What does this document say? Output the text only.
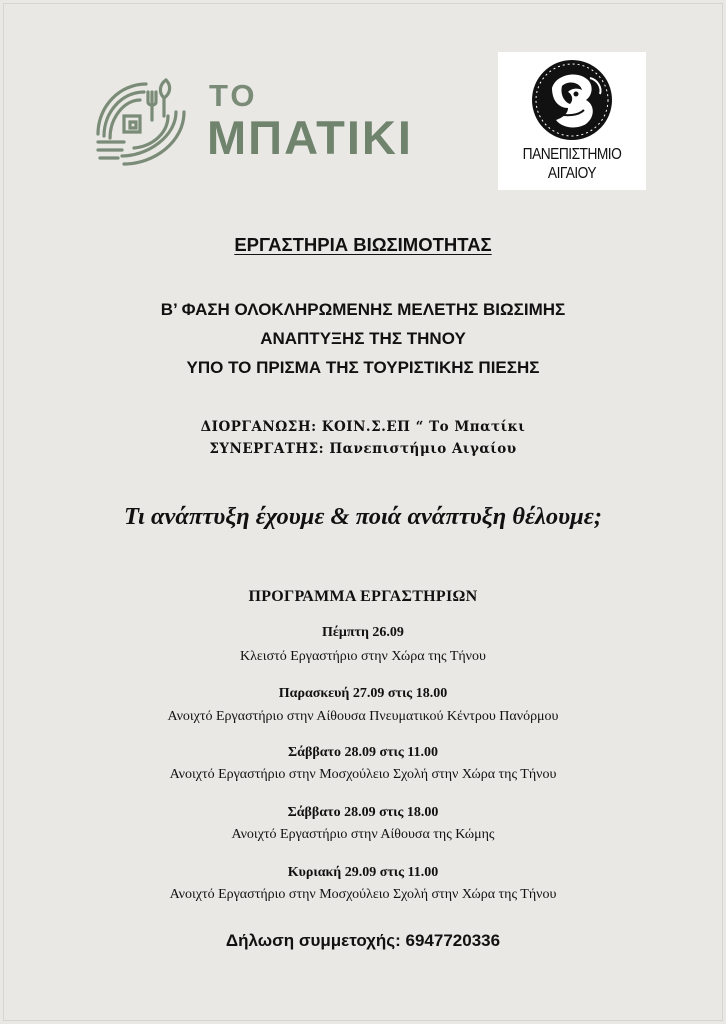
ΤΟ
ΜΠΑΤΙΚΙ	ΠΑΝΕΠΙΣΤΗΜΙΟ
ΑΙΓΑΙΟΥ
ΕΡΓΑΣΤΗΡΙΑ ΒΙΩΣΙΜΟΤΗΤΑΣ
Β’ ΦΑΣΗ ΟΛΟΚΛΗΡΩΜΕΝΗΣ ΜΕΛΕΤΗΣ ΒΙΩΣΙΜΗΣ
ΑΝΑΠΤΥΞΗΣ ΤΗΣ ΤΗΝΟΥ
ΥΠΟ ΤΟ ΠΡΙΣΜΑ ΤΗΣ ΤΟΥΡΙΣΤΙΚΗΣ ΠΙΕΣΗΣ
ΔΙΟΡΓΑΝΩΣΗ: ΚΟΙΝ.Σ.ΕΠ “ Το Μπατίκι
ΣΥΝΕΡΓΑΤΗΣ: Πανεπιστήμιο Αιγαίου
Τι ανάπτυξη έχουμε & ποιά ανάπτυξη θέλουμε;
ΠΡΟΓΡΑΜΜΑ ΕΡΓΑΣΤΗΡΙΩΝ
Πέμπτη 26.09
Κλειστό Εργαστήριο στην Χώρα της Τήνου
Παρασκευή 27.09 στις 18.00
Ανοιχτό Εργαστήριο στην Αίθουσα Πνευματικού Κέντρου Πανόρμου
Σάββατο 28.09 στις 11.00
Ανοιχτό Εργαστήριο στην Μοσχούλειο Σχολή στην Χώρα της Τήνου
Σάββατο 28.09 στις 18.00
Ανοιχτό Εργαστήριο στην Αίθουσα της Κώμης
Κυριακή 29.09 στις 11.00
Ανοιχτό Εργαστήριο στην Μοσχούλειο Σχολή στην Χώρα της Τήνου
Δήλωση συμμετοχής: 6947720336
